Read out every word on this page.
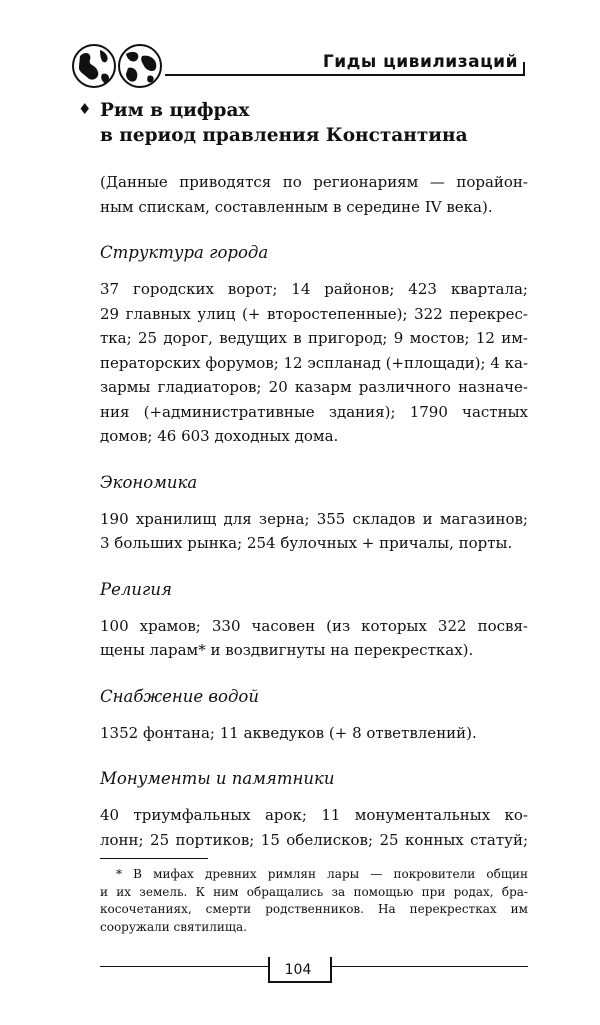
Гиды цивилизаций
♦ Рим в цифрах
в период правления Константина
(Данные приводятся по регионариям — порайон-
ным спискам, составленным в середине IV века).
Структура города
37 городских ворот; 14 районов; 423 квартала;
29 главных улиц (+ второстепенные); 322 перекрес-
тка; 25 дорог, ведущих в пригород; 9 мостов; 12 им-
ператорских форумов; 12 эспланад (+площади); 4 ка-
зармы гладиаторов; 20 казарм различного назначе-
ния (+административные здания); 1790 частных
домов; 46 603 доходных дома.
Экономика
190 хранилищ для зерна; 355 складов и магазинов;
3 больших рынка; 254 булочных + причалы, порты.
Религия
100 храмов; 330 часовен (из которых 322 посвя-
щены ларам* и воздвигнуты на перекрестках).
Снабжение водой
1352 фонтана; 11 акведуков (+ 8 ответвлений).
Монументы и памятники
40 триумфальных арок; 11 монументальных ко-
лонн; 25 портиков; 15 обелисков; 25 конных статуй;
* В мифах древних римлян лары — покровители общин
и их земель. К ним обращались за помощью при родах, бра-
косочетаниях, смерти родственников. На перекрестках им
сооружали святилища.
104
